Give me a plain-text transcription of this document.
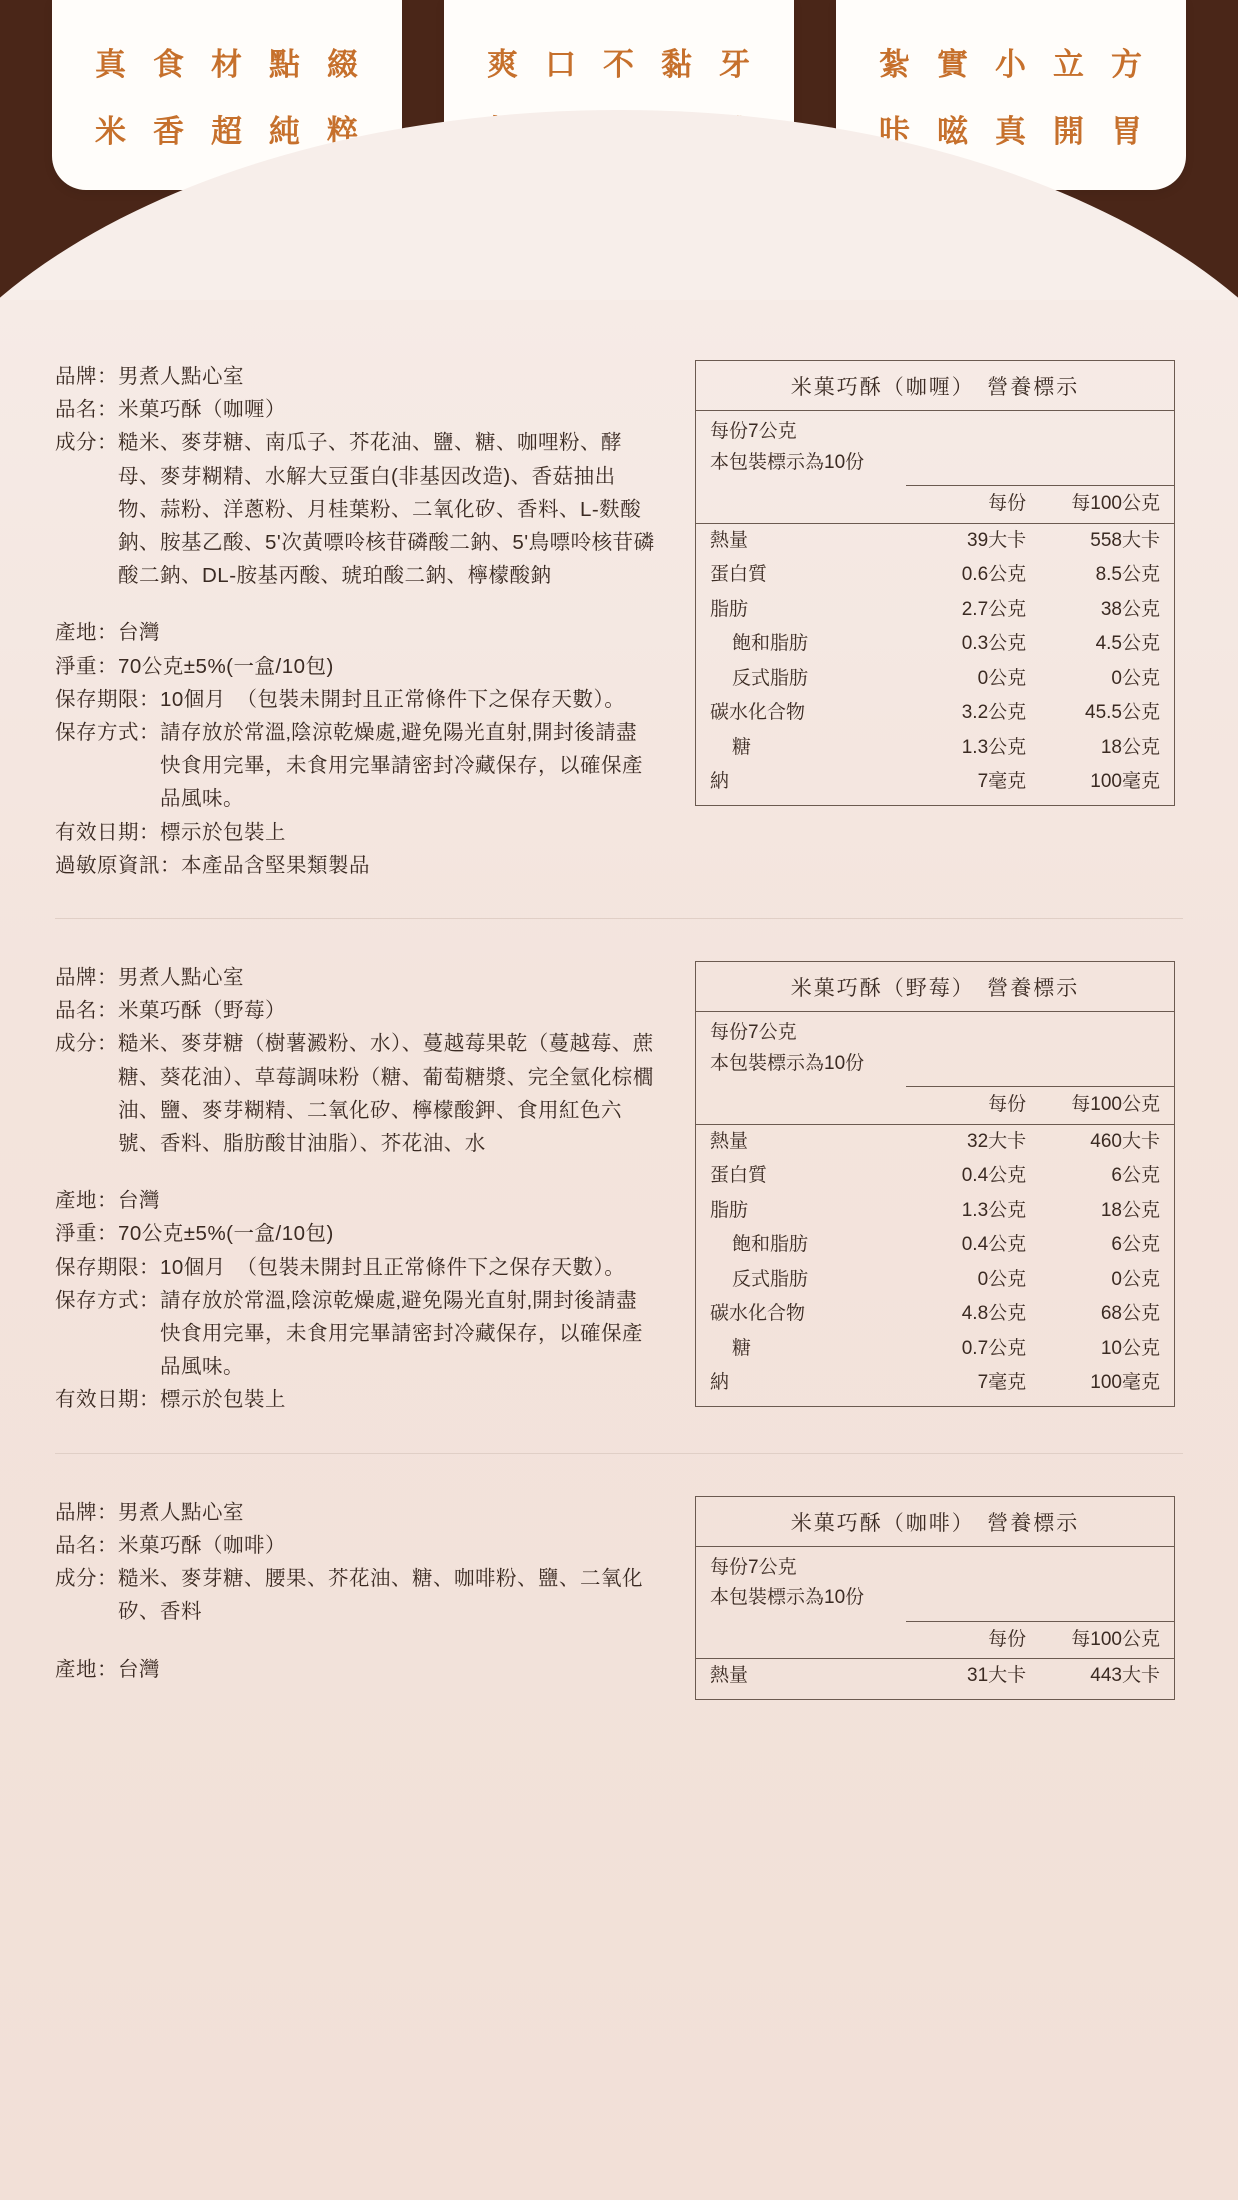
真 食 材 點 綴
米 香 超 純 粹
爽 口 不 黏 牙	紮 實 小 立 方
咔 嗞 真 開 胃
品牌： 男煮人點心室
品名： 米菓巧酥（咖喱）
成分： 糙米、麥芽糖、南瓜子、芥花油、鹽、糖、咖哩粉、酵母、麥芽糊精、水解大豆蛋白(非基因改造)、香菇抽出物、蒜粉、洋蔥粉、月桂葉粉、二氧化矽、香料、L-麩酸鈉、胺基乙酸、5'次黃嘌呤核苷磷酸二鈉、5'鳥嘌呤核苷磷酸二鈉、DL-胺基丙酸、琥珀酸二鈉、檸檬酸鈉
產地： 台灣
淨重： 70公克±5%(一盒/10包)
保存期限： 10個月　（包裝未開封且正常條件下之保存天數）。
保存方式： 請存放於常溫‚陰涼乾燥處‚避免陽光直射‚開封後請盡快食用完畢，未食用完畢請密封冷藏保存，以確保產品風味。
有效日期： 標示於包裝上
過敏原資訊： 本產品含堅果類製品
米菓巧酥（咖喱）　營養標示
每份7公克
本包裝標示為10份
	每份	每100公克
熱量	39大卡	558大卡
蛋白質	0.6公克	8.5公克
脂肪	2.7公克	38公克
飽和脂肪	0.3公克	4.5公克
反式脂肪	0公克	0公克
碳水化合物	3.2公克	45.5公克
糖	1.3公克	18公克
納	7毫克	100毫克
品牌： 男煮人點心室
品名： 米菓巧酥（野莓）
成分： 糙米、麥芽糖（樹薯澱粉、水）、蔓越莓果乾（蔓越莓、蔗糖、葵花油）、草莓調味粉（糖、葡萄糖漿、完全氫化棕櫚油、鹽、麥芽糊精、二氧化矽、檸檬酸鉀、食用紅色六號、香料、脂肪酸甘油脂）、芥花油、水
產地： 台灣
淨重： 70公克±5%(一盒/10包)
保存期限： 10個月　（包裝未開封且正常條件下之保存天數）。
保存方式： 請存放於常溫‚陰涼乾燥處‚避免陽光直射‚開封後請盡快食用完畢，未食用完畢請密封冷藏保存，以確保產品風味。
有效日期： 標示於包裝上
米菓巧酥（野莓）　營養標示
每份7公克
本包裝標示為10份
	每份	每100公克
熱量	32大卡	460大卡
蛋白質	0.4公克	6公克
脂肪	1.3公克	18公克
飽和脂肪	0.4公克	6公克
反式脂肪	0公克	0公克
碳水化合物	4.8公克	68公克
糖	0.7公克	10公克
納	7毫克	100毫克
品牌： 男煮人點心室
品名： 米菓巧酥（咖啡）
成分： 糙米、麥芽糖、腰果、芥花油、糖、咖啡粉、鹽、二氧化矽、香料
產地： 台灣
米菓巧酥（咖啡）　營養標示
每份7公克
本包裝標示為10份
	每份	每100公克
熱量	31大卡	443大卡
